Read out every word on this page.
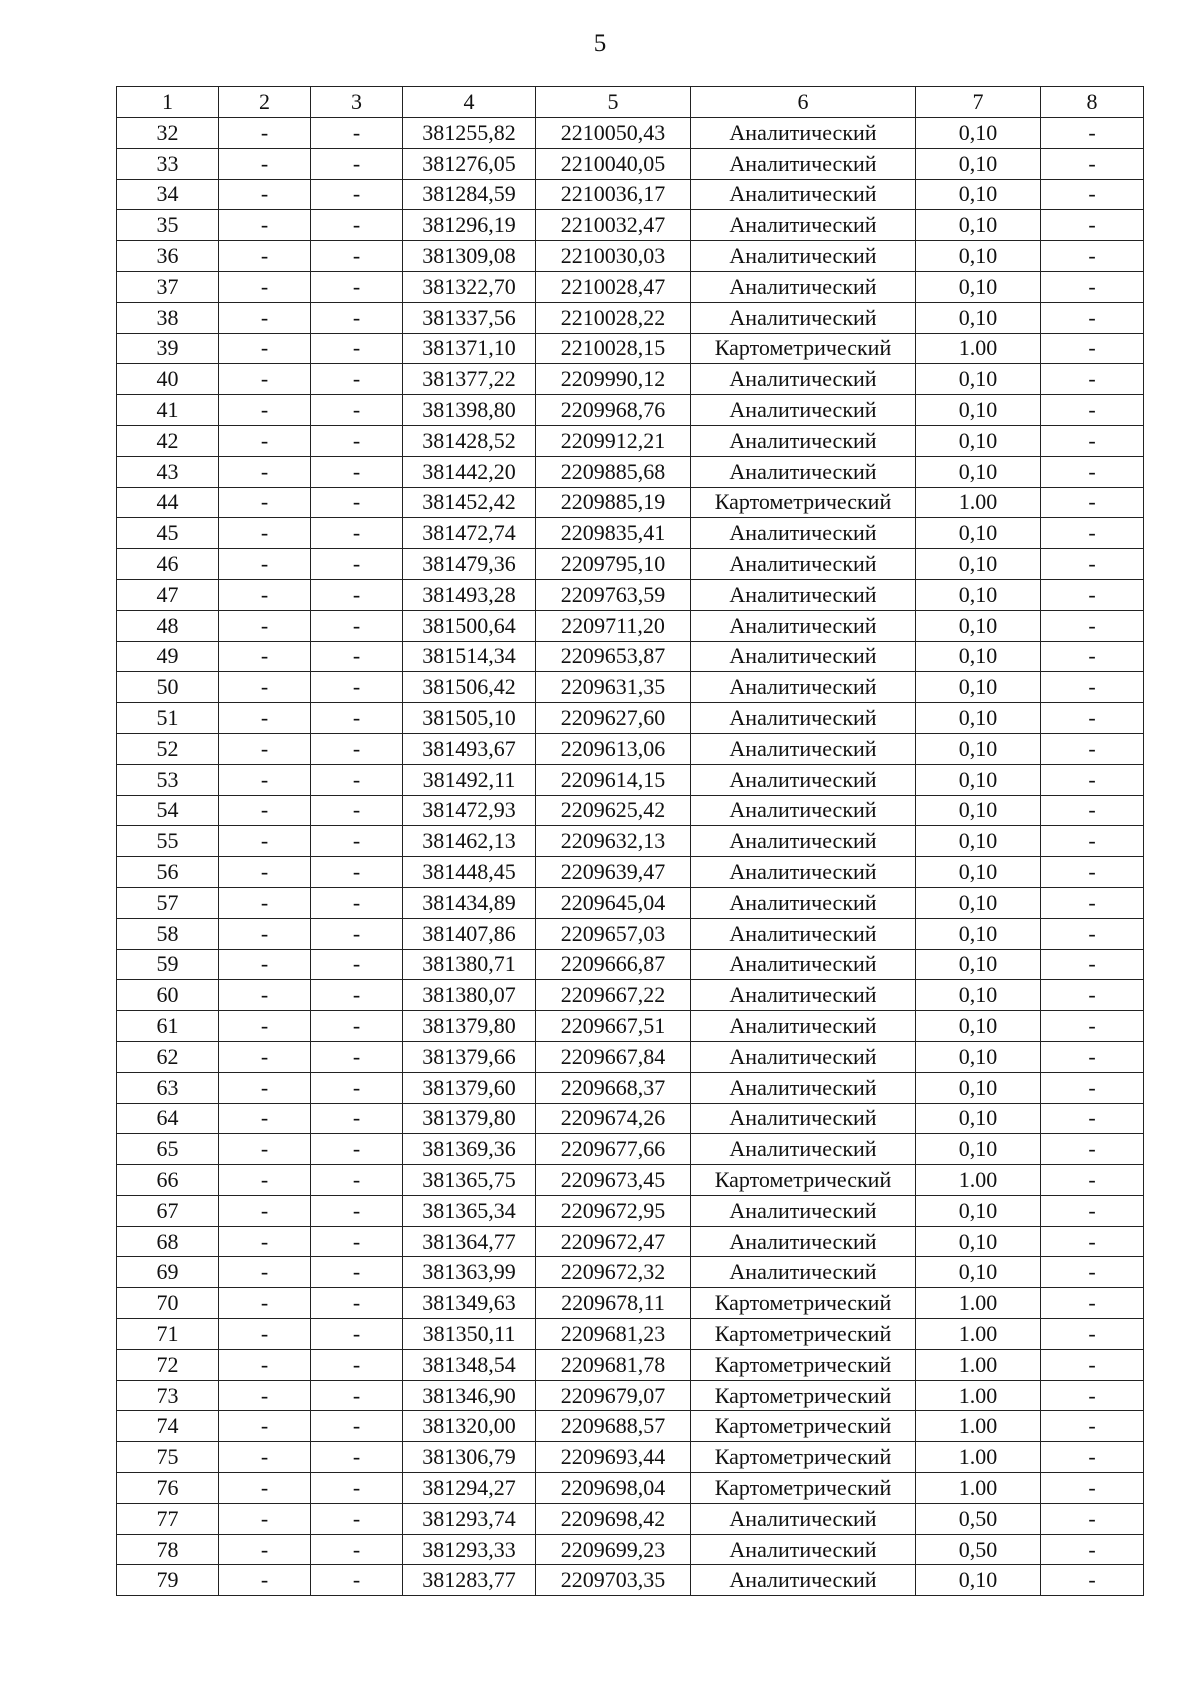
5
1	2	3	4	5	6	7	8
32	-	-	381255,82	2210050,43	Аналитический	0,10	-
33	-	-	381276,05	2210040,05	Аналитический	0,10	-
34	-	-	381284,59	2210036,17	Аналитический	0,10	-
35	-	-	381296,19	2210032,47	Аналитический	0,10	-
36	-	-	381309,08	2210030,03	Аналитический	0,10	-
37	-	-	381322,70	2210028,47	Аналитический	0,10	-
38	-	-	381337,56	2210028,22	Аналитический	0,10	-
39	-	-	381371,10	2210028,15	Картометрический	1.00	-
40	-	-	381377,22	2209990,12	Аналитический	0,10	-
41	-	-	381398,80	2209968,76	Аналитический	0,10	-
42	-	-	381428,52	2209912,21	Аналитический	0,10	-
43	-	-	381442,20	2209885,68	Аналитический	0,10	-
44	-	-	381452,42	2209885,19	Картометрический	1.00	-
45	-	-	381472,74	2209835,41	Аналитический	0,10	-
46	-	-	381479,36	2209795,10	Аналитический	0,10	-
47	-	-	381493,28	2209763,59	Аналитический	0,10	-
48	-	-	381500,64	2209711,20	Аналитический	0,10	-
49	-	-	381514,34	2209653,87	Аналитический	0,10	-
50	-	-	381506,42	2209631,35	Аналитический	0,10	-
51	-	-	381505,10	2209627,60	Аналитический	0,10	-
52	-	-	381493,67	2209613,06	Аналитический	0,10	-
53	-	-	381492,11	2209614,15	Аналитический	0,10	-
54	-	-	381472,93	2209625,42	Аналитический	0,10	-
55	-	-	381462,13	2209632,13	Аналитический	0,10	-
56	-	-	381448,45	2209639,47	Аналитический	0,10	-
57	-	-	381434,89	2209645,04	Аналитический	0,10	-
58	-	-	381407,86	2209657,03	Аналитический	0,10	-
59	-	-	381380,71	2209666,87	Аналитический	0,10	-
60	-	-	381380,07	2209667,22	Аналитический	0,10	-
61	-	-	381379,80	2209667,51	Аналитический	0,10	-
62	-	-	381379,66	2209667,84	Аналитический	0,10	-
63	-	-	381379,60	2209668,37	Аналитический	0,10	-
64	-	-	381379,80	2209674,26	Аналитический	0,10	-
65	-	-	381369,36	2209677,66	Аналитический	0,10	-
66	-	-	381365,75	2209673,45	Картометрический	1.00	-
67	-	-	381365,34	2209672,95	Аналитический	0,10	-
68	-	-	381364,77	2209672,47	Аналитический	0,10	-
69	-	-	381363,99	2209672,32	Аналитический	0,10	-
70	-	-	381349,63	2209678,11	Картометрический	1.00	-
71	-	-	381350,11	2209681,23	Картометрический	1.00	-
72	-	-	381348,54	2209681,78	Картометрический	1.00	-
73	-	-	381346,90	2209679,07	Картометрический	1.00	-
74	-	-	381320,00	2209688,57	Картометрический	1.00	-
75	-	-	381306,79	2209693,44	Картометрический	1.00	-
76	-	-	381294,27	2209698,04	Картометрический	1.00	-
77	-	-	381293,74	2209698,42	Аналитический	0,50	-
78	-	-	381293,33	2209699,23	Аналитический	0,50	-
79	-	-	381283,77	2209703,35	Аналитический	0,10	-
